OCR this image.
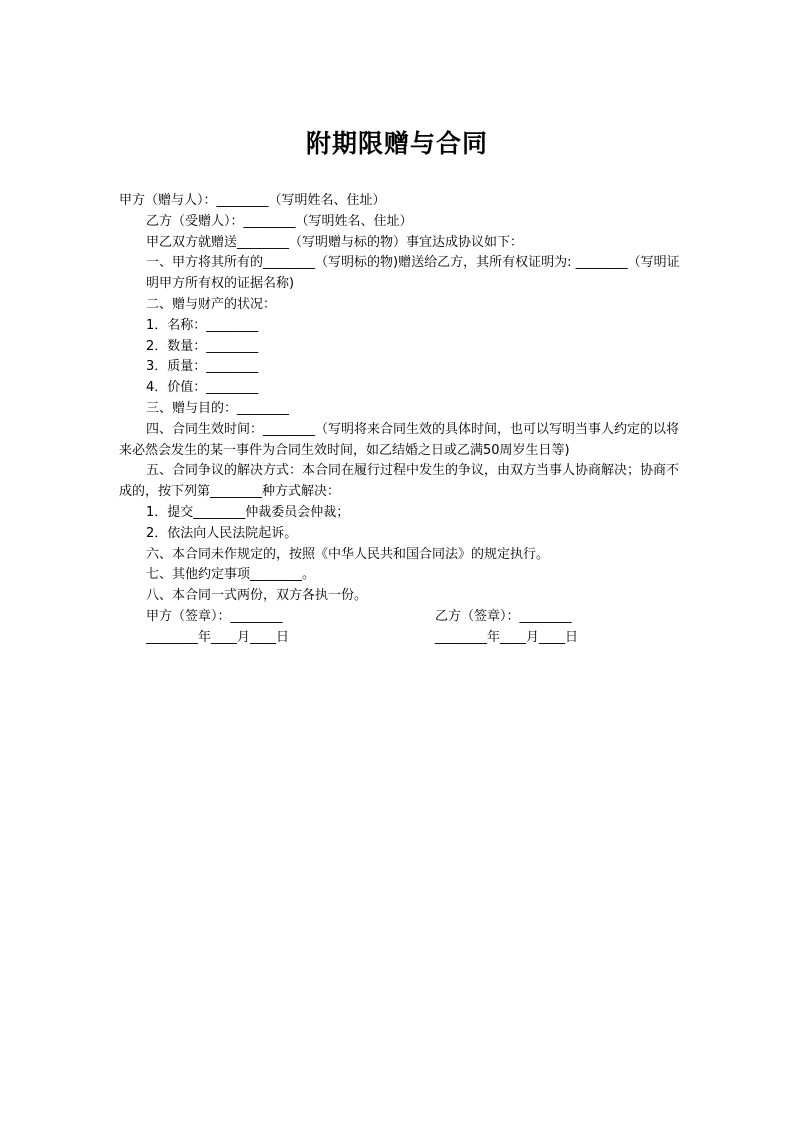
附期限赠与合同
甲方（赠与人）：________（写明姓名、住址）
乙方（受赠人）：________（写明姓名、住址）
甲乙双方就赠送________（写明赠与标的物）事宜达成协议如下：
一、甲方将其所有的________（写明标的物)赠送给乙方，其所有权证明为: ________（写明证明甲方所有权的证据名称)
二、赠与财产的状况：
1．名称：________
2．数量：________
3．质量：________
4．价值：________
三、赠与目的：________
四、合同生效时间：________（写明将来合同生效的具体时间，也可以写明当事人约定的以将来必然会发生的某一事件为合同生效时间，如乙结婚之日或乙满50周岁生日等)
五、合同争议的解决方式：本合同在履行过程中发生的争议，由双方当事人协商解决；协商不成的，按下列第________种方式解决：
1．提交________仲裁委员会仲裁；
2．依法向人民法院起诉。
六、本合同未作规定的，按照《中华人民共和国合同法》的规定执行。
七、其他约定事项________。
八、本合同一式两份，双方各执一份。
甲方（签章）：________	乙方（签章）：________
________年____月____日	________年____月____日
